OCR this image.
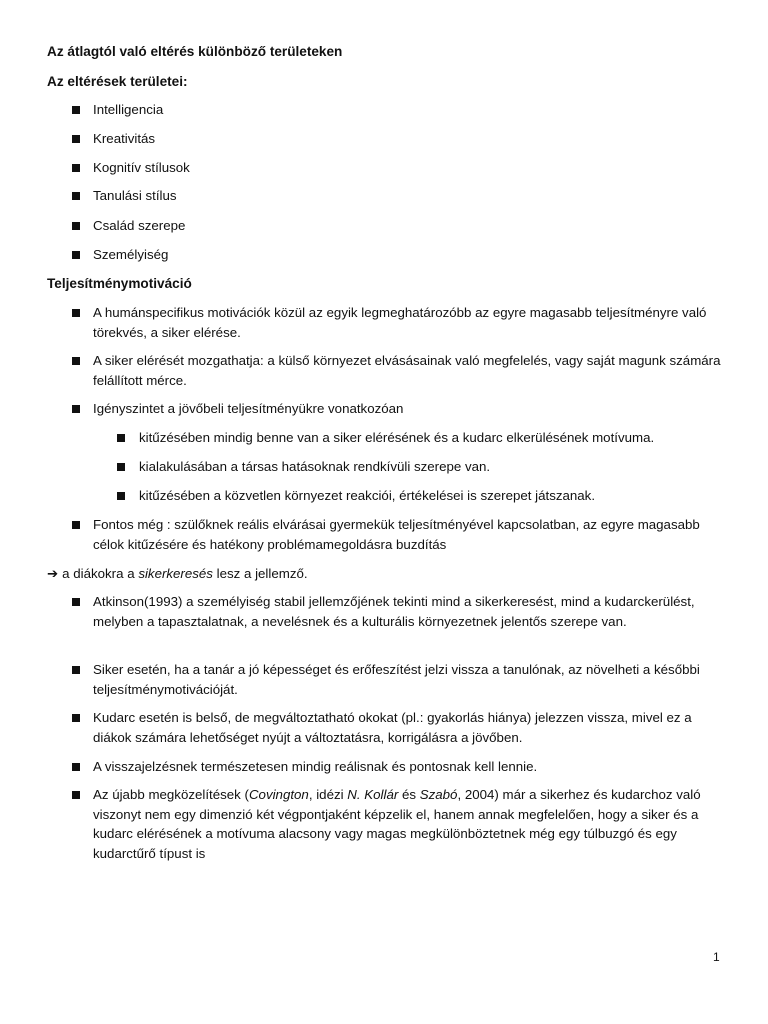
Az átlagtól való eltérés különböző területeken
Az eltérések területei:
Intelligencia
Kreativitás
Kognitív stílusok
Tanulási stílus
Család szerepe
Személyiség
Teljesítménymotiváció
A humánspecifikus motivációk közül az egyik legmeghatározóbb az egyre magasabb teljesítményre való törekvés, a siker elérése.
A siker elérését mozgathatja: a külső környezet elvásásainak való megfelelés, vagy saját magunk számára felállított mérce.
Igényszintet a jövőbeli teljesítményükre vonatkozóan
kitűzésében mindig benne van a siker elérésének és a kudarc elkerülésének motívuma.
kialakulásában a társas hatásoknak rendkívüli szerepe van.
kitűzésében a közvetlen környezet reakciói, értékelései is szerepet játszanak.
Fontos még : szülőknek reális elvárásai gyermekük teljesítményével kapcsolatban, az egyre magasabb célok kitűzésére és hatékony problémamegoldásra buzdítás
➔ a diákokra a sikerkeresés lesz a jellemző.
Atkinson(1993) a személyiség stabil jellemzőjének tekinti mind a sikerkeresést, mind a kudarckerülést, melyben a tapasztalatnak, a nevelésnek és a kulturális környezetnek jelentős szerepe van.
Siker esetén, ha a tanár a jó képességet és erőfeszítést jelzi vissza a tanulónak, az növelheti a későbbi teljesítménymotivációját.
Kudarc esetén is belső, de megváltoztatható okokat (pl.: gyakorlás hiánya) jelezzen vissza, mivel ez a diákok számára lehetőséget nyújt a változtatásra, korrigálásra a jövőben.
A visszajelzésnek természetesen mindig reálisnak és pontosnak kell lennie.
Az újabb megközelítések (Covington, idézi N. Kollár és Szabó, 2004) már a sikerhez és kudarchoz való viszonyt nem egy dimenzió két végpontjaként képzelik el, hanem annak megfelelően, hogy a siker és a kudarc elérésének a motívuma alacsony vagy magas megkülönböztetnek még egy túlbuzgó és egy kudarctűrő típust is
1
